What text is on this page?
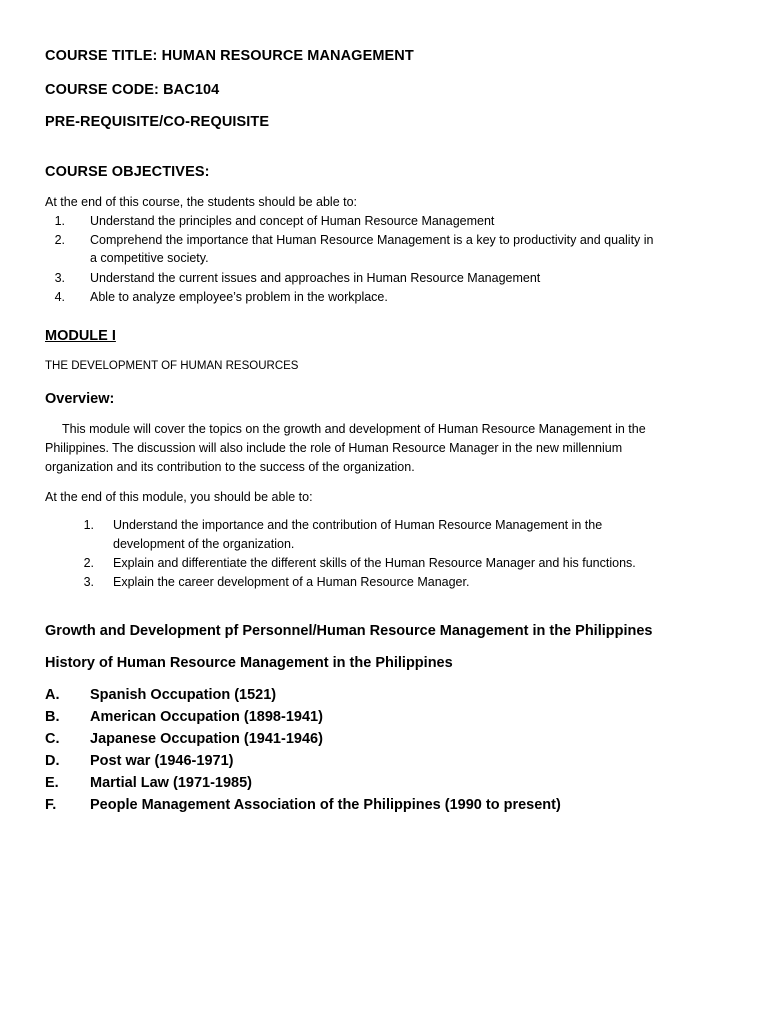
COURSE TITLE: HUMAN RESOURCE MANAGEMENT
COURSE CODE: BAC104
PRE-REQUISITE/CO-REQUISITE
COURSE OBJECTIVES:
At the end of this course, the students should be able to:
1. Understand the principles and concept of Human Resource Management
2. Comprehend the importance that Human Resource Management is a key to productivity and quality in
a competitive society.
3. Understand the current issues and approaches in Human Resource Management
4. Able to analyze employee’s problem in the workplace.
MODULE I
THE DEVELOPMENT OF HUMAN RESOURCES
Overview:
This module will cover the topics on the growth and development of Human Resource Management in the
Philippines. The discussion will also include the role of Human Resource Manager in the new millennium
organization and its contribution to the success of the organization.
At the end of this module, you should be able to:
1. Understand the importance and the contribution of Human Resource Management in the
development of the organization.
2. Explain and differentiate the different skills of the Human Resource Manager and his functions.
3. Explain the career development of a Human Resource Manager.
Growth and Development pf Personnel/Human Resource Management in the Philippines
History of Human Resource Management in the Philippines
A. Spanish Occupation (1521)
B. American Occupation (1898-1941)
C. Japanese Occupation (1941-1946)
D. Post war (1946-1971)
E. Martial Law (1971-1985)
F. People Management Association of the Philippines (1990 to present)
